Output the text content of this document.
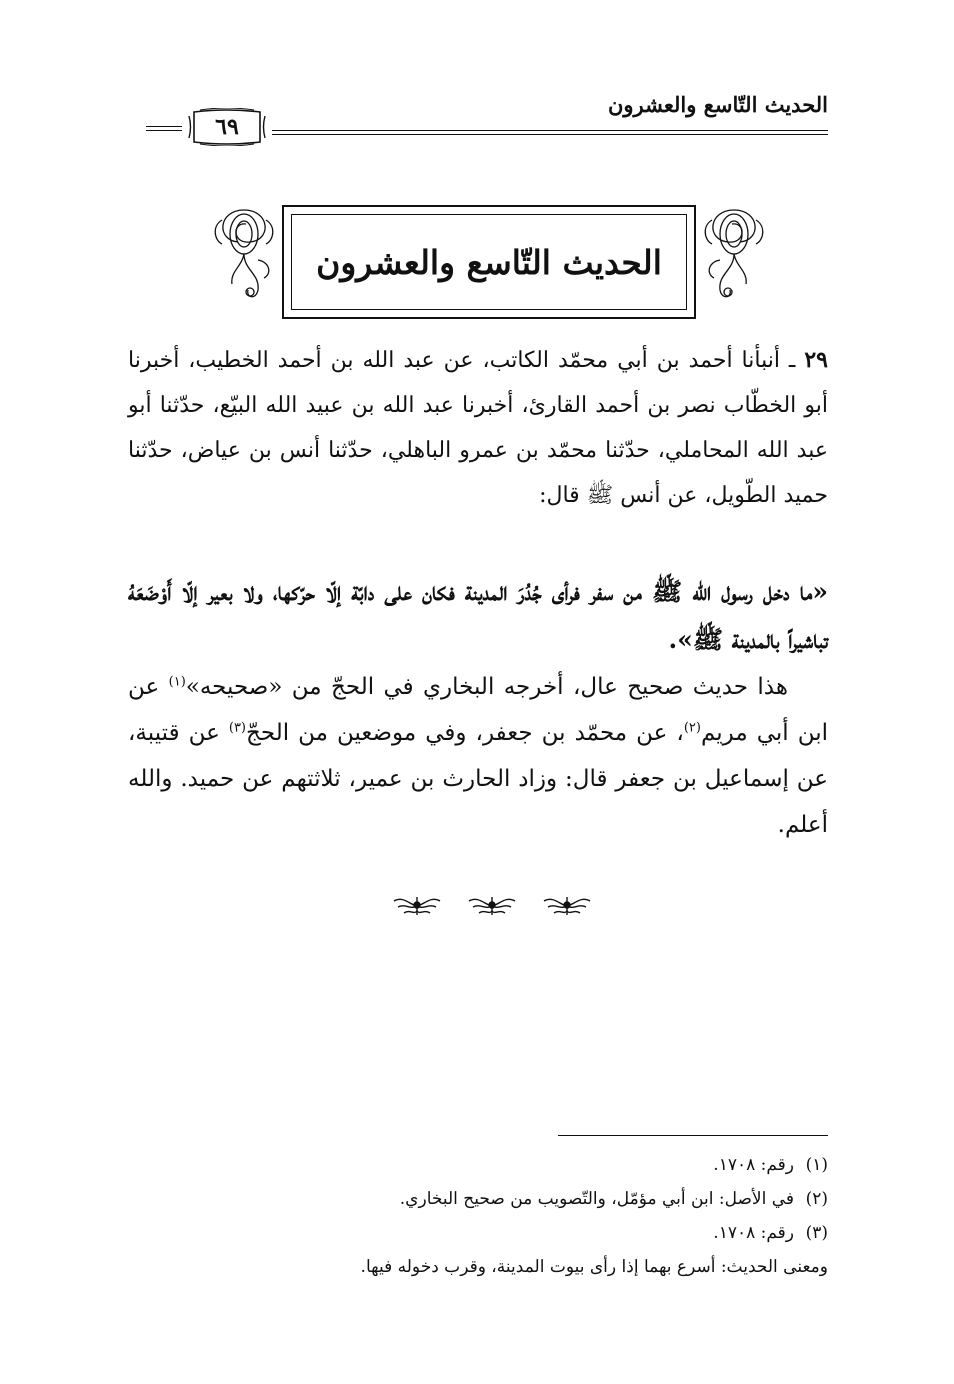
الحديث التّاسع والعشرون
٦٩
الحديث التّاسع والعشرون
٢٩ ـ أنبأنا أحمد بن أبي محمّد الكاتب، عن عبد الله بن أحمد الخطيب، أخبرنا أبو الخطّاب نصر بن أحمد القارئ، أخبرنا عبد الله بن عبيد الله البيّع، حدّثنا أبو عبد الله المحاملي، حدّثنا محمّد بن عمرو الباهلي، حدّثنا أنس بن عياض، حدّثنا حميد الطّويل، عن أنس ﷺ قال:
«ما دخل رسول الله ﷺ من سفر فرأى جُدُرَ المدينة فكان على دابّة إلّا حرّكها، ولا بعير إلّا أَوْضَعَهُ تباشيراً بالمدينة ﷺ».
هذا حديث صحيح عال، أخرجه البخاري في الحجّ من «صحيحه»$^{(١)}$ عن ابن أبي مريم$^{(٢)}$، عن محمّد بن جعفر، وفي موضعين من الحجّ$^{(٣)}$ عن قتيبة، عن إسماعيل بن جعفر قال: وزاد الحارث بن عمير، ثلاثتهم عن حميد. والله أعلم.
(١)رقم: ١٧٠٨.
(٢)في الأصل: ابن أبي مؤمّل، والتّصويب من صحيح البخاري.
(٣)رقم: ١٧٠٨.
ومعنى الحديث: أسرع بهما إذا رأى بيوت المدينة، وقرب دخوله فيها.
